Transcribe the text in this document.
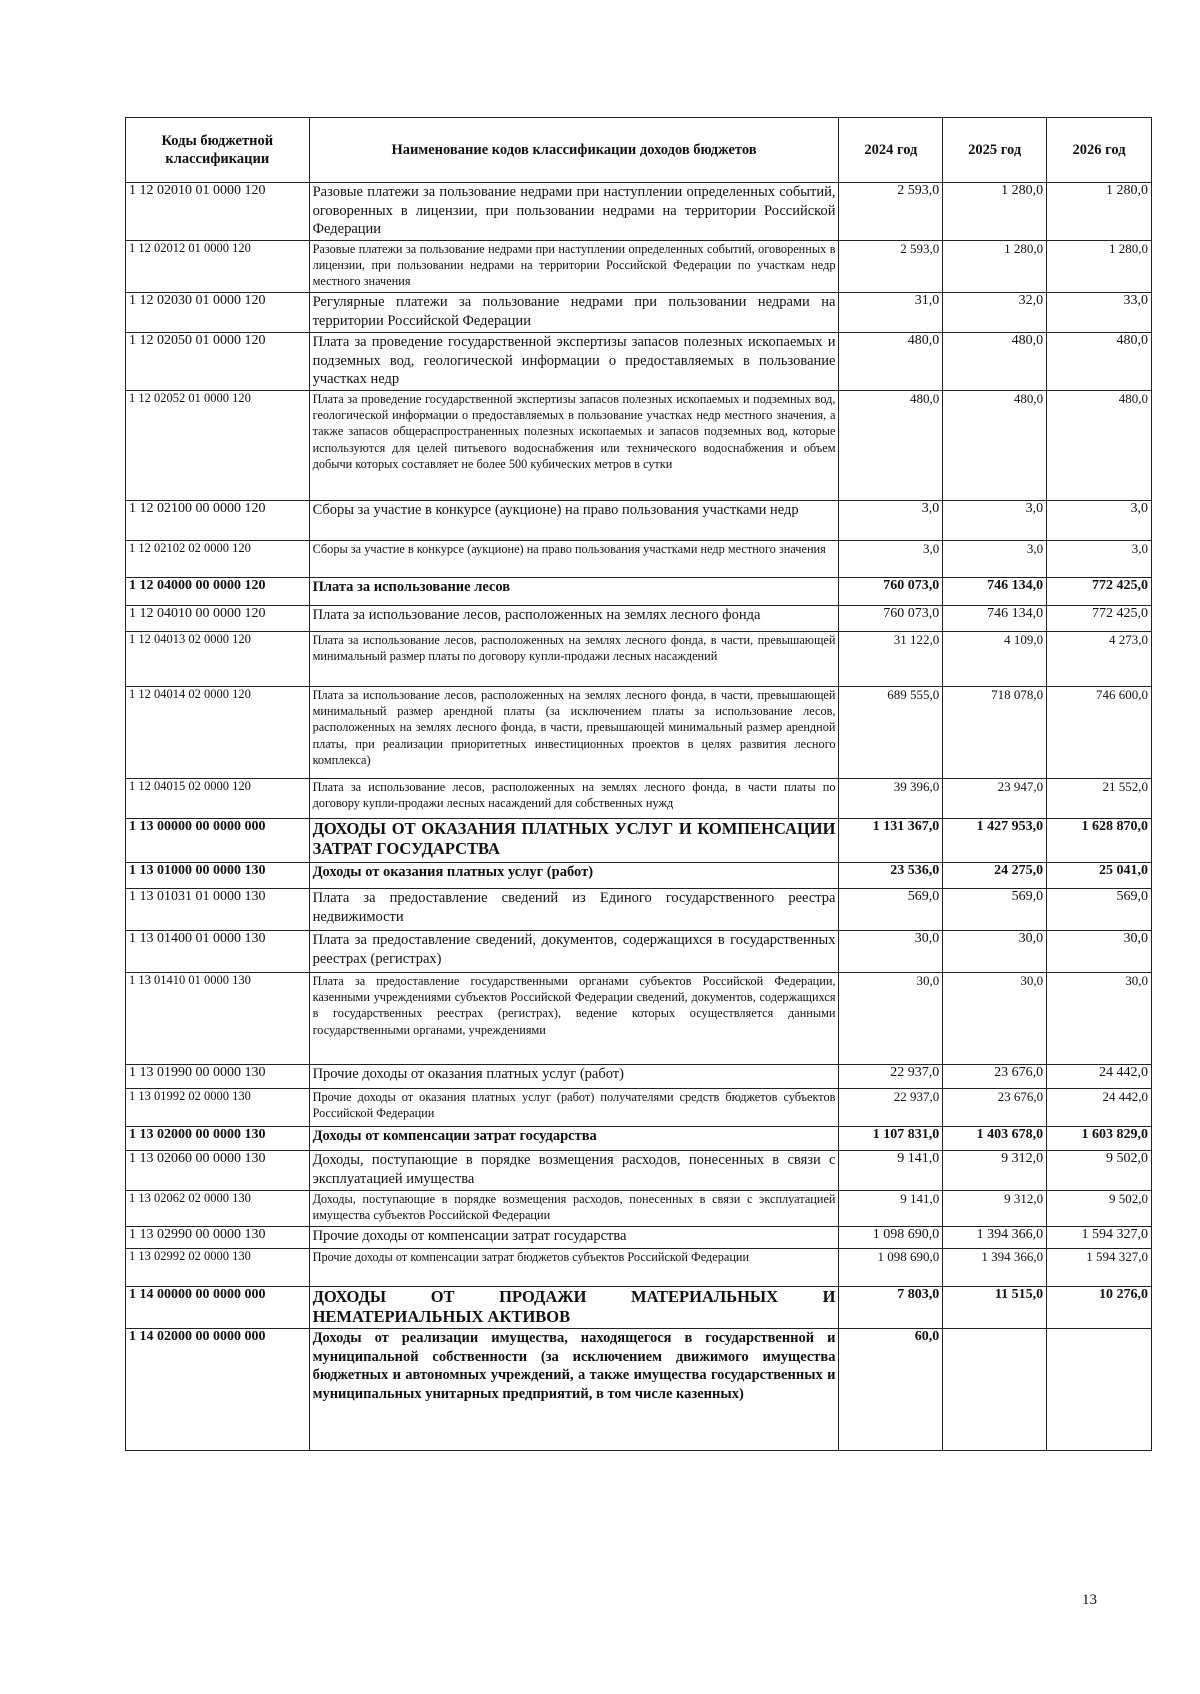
Коды бюджетной классификации	Наименование кодов классификации доходов бюджетов	2024 год	2025 год	2026 год
1 12 02010 01 0000 120	Разовые платежи за пользование недрами при наступлении определенных событий, оговоренных в лицензии, при пользовании недрами на территории Российской Федерации	2 593,0	1 280,0	1 280,0
1 12 02012 01 0000 120	Разовые платежи за пользование недрами при наступлении определенных событий, оговоренных в лицензии, при пользовании недрами на территории Российской Федерации по участкам недр местного значения	2 593,0	1 280,0	1 280,0
1 12 02030 01 0000 120	Регулярные платежи за пользование недрами при пользовании недрами на территории Российской Федерации	31,0	32,0	33,0
1 12 02050 01 0000 120	Плата за проведение государственной экспертизы запасов полезных ископаемых и подземных вод, геологической информации о предоставляемых в пользование участках недр	480,0	480,0	480,0
1 12 02052 01 0000 120	Плата за проведение государственной экспертизы запасов полезных ископаемых и подземных вод, геологической информации о предоставляемых в пользование участках недр местного значения, а также запасов общераспространенных полезных ископаемых и запасов подземных вод, которые используются для целей питьевого водоснабжения или технического водоснабжения и объем добычи которых составляет не более 500 кубических метров в сутки	480,0	480,0	480,0
1 12 02100 00 0000 120	Сборы за участие в конкурсе (аукционе) на право пользования участками недр	3,0	3,0	3,0
1 12 02102 02 0000 120	Сборы за участие в конкурсе (аукционе) на право пользования участками недр местного значения	3,0	3,0	3,0
1 12 04000 00 0000 120	Плата за использование лесов	760 073,0	746 134,0	772 425,0
1 12 04010 00 0000 120	Плата за использование лесов, расположенных на землях лесного фонда	760 073,0	746 134,0	772 425,0
1 12 04013 02 0000 120	Плата за использование лесов, расположенных на землях лесного фонда, в части, превышающей минимальный размер платы по договору купли-продажи лесных насаждений	31 122,0	4 109,0	4 273,0
1 12 04014 02 0000 120	Плата за использование лесов, расположенных на землях лесного фонда, в части, превышающей минимальный размер арендной платы (за исключением платы за использование лесов, расположенных на землях лесного фонда, в части, превышающей минимальный размер арендной платы, при реализации приоритетных инвестиционных проектов в целях развития лесного комплекса)	689 555,0	718 078,0	746 600,0
1 12 04015 02 0000 120	Плата за использование лесов, расположенных на землях лесного фонда, в части платы по договору купли-продажи лесных насаждений для собственных нужд	39 396,0	23 947,0	21 552,0
1 13 00000 00 0000 000	ДОХОДЫ ОТ ОКАЗАНИЯ ПЛАТНЫХ УСЛУГ И КОМПЕНСАЦИИ ЗАТРАТ ГОСУДАРСТВА	1 131 367,0	1 427 953,0	1 628 870,0
1 13 01000 00 0000 130	Доходы от оказания платных услуг (работ)	23 536,0	24 275,0	25 041,0
1 13 01031 01 0000 130	Плата за предоставление сведений из Единого государственного реестра недвижимости	569,0	569,0	569,0
1 13 01400 01 0000 130	Плата за предоставление сведений, документов, содержащихся в государственных реестрах (регистрах)	30,0	30,0	30,0
1 13 01410 01 0000 130	Плата за предоставление государственными органами субъектов Российской Федерации, казенными учреждениями субъектов Российской Федерации сведений, документов, содержащихся в государственных реестрах (регистрах), ведение которых осуществляется данными государственными органами, учреждениями	30,0	30,0	30,0
1 13 01990 00 0000 130	Прочие доходы от оказания платных услуг (работ)	22 937,0	23 676,0	24 442,0
1 13 01992 02 0000 130	Прочие доходы от оказания платных услуг (работ) получателями средств бюджетов субъектов Российской Федерации	22 937,0	23 676,0	24 442,0
1 13 02000 00 0000 130	Доходы от компенсации затрат государства	1 107 831,0	1 403 678,0	1 603 829,0
1 13 02060 00 0000 130	Доходы, поступающие в порядке возмещения расходов, понесенных в связи с эксплуатацией имущества	9 141,0	9 312,0	9 502,0
1 13 02062 02 0000 130	Доходы, поступающие в порядке возмещения расходов, понесенных в связи с эксплуатацией имущества субъектов Российской Федерации	9 141,0	9 312,0	9 502,0
1 13 02990 00 0000 130	Прочие доходы от компенсации затрат государства	1 098 690,0	1 394 366,0	1 594 327,0
1 13 02992 02 0000 130	Прочие доходы от компенсации затрат бюджетов субъектов Российской Федерации	1 098 690,0	1 394 366,0	1 594 327,0
1 14 00000 00 0000 000	ДОХОДЫ ОТ ПРОДАЖИ МАТЕРИАЛЬНЫХ И НЕМАТЕРИАЛЬНЫХ АКТИВОВ	7 803,0	11 515,0	10 276,0
1 14 02000 00 0000 000	Доходы от реализации имущества, находящегося в государственной и муниципальной собственности (за исключением движимого имущества бюджетных и автономных учреждений, а также имущества государственных и муниципальных унитарных предприятий, в том числе казенных)	60,0		
13
